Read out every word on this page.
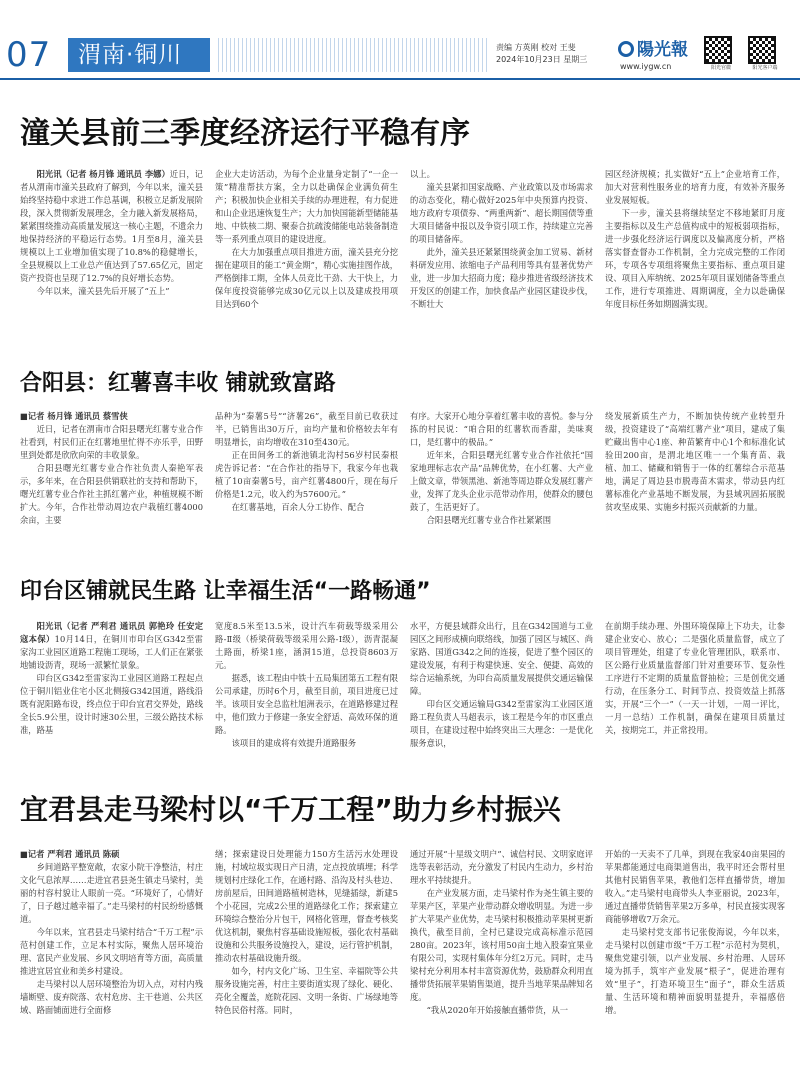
07	渭南·铜川	责编 方英刚 校对 王斐
2024年10月23日 星期三	陽光報
www.iygw.cn	阳光官微	阳光客户端
潼关县前三季度经济运行平稳有序

阳光讯（记者 杨月锋 通讯员 李娜）近日，记者从渭南市潼关县政府了解到，今年以来，潼关县始终坚持稳中求进工作总基调，积极立足新发展阶段，深入贯彻新发展理念，全力融入新发展格局，紧紧围绕推动高质量发展这一核心主题，不遗余力地保持经济的平稳运行态势。1月至8月，潼关县规模以上工业增加值实现了10.8%的稳健增长，全县规模以上工业总产值达到了57.65亿元，固定资产投资也呈现了12.7%的良好增长态势。

今年以来，潼关县先后开展了“五上”

企业大走访活动，为每个企业量身定制了“一企一策”精准帮扶方案，全力以赴确保企业满负荷生产；积极加快企业相关手续的办理进程，有力促进和山企业迅速恢复生产；大力加快国能新型储能基地、中铁核二期、聚泰合抗疏浚储能电站装备制造等一系列重点项目的建设进度。

在大力加强重点项目推进方面，潼关县充分挖掘在建项目的能工“黄金期”，精心实施挂图作战，严格倒排工期，全体人员竞比干劲、大干快上，力保年度投资能够完成30亿元以上以及建成投用项目达到60个

以上。

潼关县紧扣国家战略、产业政策以及市场需求的动态变化，精心做好2025年中央预算内投资、地方政府专项债券、“两重两新”、超长期国债等重大项目储备申报以及争资引项工作，持续建立完善的项目储备库。

此外，潼关县还紧紧围绕黄金加工贸易、新材料研发应用、浓缩电子产品利用等具有显著优势产业，进一步加大招商力度；稳步推进省级经济技术开发区的创建工作，加快食品产业园区建设步伐，不断壮大

园区经济规模；扎实做好“五上”企业培育工作，加大对营利性服务业的培育力度，有效补齐服务业发展短板。

下一步，潼关县将继续坚定不移地紧盯月度主要指标以及生产总值构成中的短板弱项指标，进一步强化经济运行调度以及偏离度分析，严格落实督查督办工作机制，全力完成完整的工作闭环，专项各专项组将聚焦主要指标、重点项目建设、项目入库纳统、2025年项目谋划储备等重点工作，进行专项推进、周期调度，全力以赴确保年度目标任务如期圆满实现。

合阳县：红薯喜丰收 铺就致富路

■记者 杨月锋 通讯员 蔡雪侠

近日，记者在渭南市合阳县曙光红薯专业合作社看到，村民们正在红薯地里忙得不亦乐乎，田野里到处都是欣欣向荣的丰收景象。

合阳县曙光红薯专业合作社负责人秦艳军表示，多年来，在合阳县供销联社的支持和帮助下，曙光红薯专业合作社主抓红薯产业，种植规模不断扩大。今年，合作社带动周边农户栽植红薯4000余亩，主要

品种为“秦薯5号”“济薯26”，截至目前已收获过半，已销售出30万斤，亩均产量和价格较去年有明显增长，亩均增收在310至430元。

正在田间务工的新池镇北沟村56岁村民秦根虎告诉记者：“在合作社的指导下，我家今年也栽植了10亩秦薯5号，亩产红薯4800斤，现在每斤价格是1.2元，收入约为57600元。”

在红薯基地，百余人分工协作、配合

有序。大家开心地分享着红薯丰收的喜悦。参与分拣的村民说：“咱合阳的红薯软而香甜，美味爽口，是红薯中的极品。”

近年来，合阳县曙光红薯专业合作社依托“国家地理标志农产品”品牌优势，在小红薯、大产业上做文章，带领黑池、新池等周边群众发展红薯产业，发挥了龙头企业示范带动作用，使群众的腰包鼓了，生活更好了。

合阳县曙光红薯专业合作社紧紧围

绕发展新质生产力，不断加快传统产业转型升级，投资建设了“高端红薯产业”项目，建成了集贮藏出售中心1座、种苗繁育中心1个和标准化试验田200亩，是渭北地区唯一一个集育苗、栽植、加工、储藏和销售于一体的红薯综合示范基地，满足了周边县市脱毒苗木需求，带动县内红薯标准化产业基地不断发展，为县域巩固拓展脱贫攻坚成果、实施乡村振兴贡献新的力量。

印台区铺就民生路 让幸福生活“一路畅通”

阳光讯（记者 严利君 通讯员 郭艳玲 任安定 寇本保）10月14日，在铜川市印台区G342至雷家沟工业园区道路工程施工现场，工人们正在紧张地铺设沥青，现场一派繁忙景象。

印台区G342至雷家沟工业园区道路工程起点位于铜川铝业住宅小区北侧接G342国道，路线沿既有泥阳路布设，终点位于印台宜君交界处，路线全长5.9公里，设计时速30公里，三级公路技术标准，路基

宽度8.5米至13.5米，设计汽车荷载等级采用公路-Ⅱ级（桥梁荷载等级采用公路-Ⅰ级），沥青混凝土路面，桥梁1座，涵洞15道，总投资8603万元。

据悉，该工程由中铁十五局集团第五工程有限公司承建，历时6个月，截至目前，项目进度已过半。该项目安全总监杜旭洲表示，在道路修建过程中，他们致力于修建一条安全舒适、高效环保的道路。

该项目的建成将有效提升道路服务

水平，方便县域群众出行，且在G342国道与工业园区之间形成横向联络线，加强了园区与城区、尚家路、国道G342之间的连接，促进了整个园区的建设发展，有利于构建快速、安全、便捷、高效的综合运输系统，为印台高质量发展提供交通运输保障。

印台区交通运输局G342至雷家沟工业园区道路工程负责人马超表示，该工程是今年的市区重点项目，在建设过程中始终突出三大理念：一是优化服务意识，

在前期手续办理、外围环境保障上下功夫，让参建企业安心、放心；二是强化质量监督，成立了项目管理处，组建了专业化管理团队，联系市、区公路行业质量监督部门针对重要环节、复杂性工序进行不定期的质量监督抽检；三是创优交通行动，在压条分工、时间节点、投资效益上抓落实，开展“三个一”（一天一计划，一周一评比，一月一总结）工作机制，确保在建项目质量过关，按期完工，并正常投用。

宜君县走马梁村以“千万工程”助力乡村振兴

■记者 严利君 通讯员 陈硕

乡间道路平整宽敞，农家小院干净整洁，村庄文化气息浓厚……走进宜君县尧生镇走马梁村，美丽的村容村貌让人眼前一亮。“环境好了，心情好了，日子越过越幸福了。”走马梁村的村民纷纷感慨道。

今年以来，宜君县走马梁村结合“千万工程”示范村创建工作，立足本村实际，聚焦人居环境治理、富民产业发展、乡风文明培育等方面，高质量推进宜居宜业和美乡村建设。

走马梁村以人居环境整治为切入点，对村内残墙断壁、废弃院落、农村危房、主干巷道、公共区域、路面铺面进行全面修

缮；探索建设日处理能力150方生活污水处理设施，村域垃圾实现日产日清，定点投放填埋；科学规划村庄绿化工作，在通村路、沿沟及村头巷边、房前屋后，田间道路植树造林，见缝插绿，新建5个小花园，完成2公里的道路绿化工作；探索建立环境综合整治分片包干，网格化管理，督查考核奖优这机制，聚焦村容基础设施短板，强化农村基础设施和公共服务设施投入，建设，运行管护机制，推动农村基础设施升级。

如今，村内文化广场、卫生室、幸福院等公共服务设施完善，村庄主要街道实现了绿化、硬化、亮化全覆盖，庭院花园、文明一条街、广场绿地等特色民俗村落。同时，

通过开展“十星级文明户”、诚信村民、文明家庭评选等表彰活动，充分激发了村民内生动力，乡村治理水平持续提升。

在产业发展方面，走马梁村作为尧生镇主要的苹果产区，苹果产业带动群众增收明显。为进一步扩大苹果产业优势，走马梁村积极推动苹果树更新换代，截至目前，全村已建设完成高标准示范园280亩。2023年，该村用50亩土地入股秦宜果业有限公司，实现村集体年分红2万元。同时，走马梁村充分利用本村丰富资源优势，鼓励群众利用直播带货拓展苹果销售渠道，提升当地苹果品牌知名度。

“我从2020年开始接触直播带货，从一

开始的一天卖不了几单，到现在我家40亩果园的苹果都能通过电商渠道售出，我平时还会帮村里其他村民销售苹果，教他们怎样直播带货，增加收入。”走马梁村电商带头人李亚丽说，2023年，通过直播带货销售苹果2万多单，村民直接实现客商能够增收7万余元。

走马梁村党支部书记张俊海说，今年以来，走马梁村以创建市级“千万工程”示范村为契机，聚焦党建引领，以产业发展、乡村治理、人居环境为抓手，筑牢产业发展“根子”，促进治理有效“里子”，打造环境卫生“面子”，群众生活质量、生活环境和精神面貌明显提升，幸福感倍增。
